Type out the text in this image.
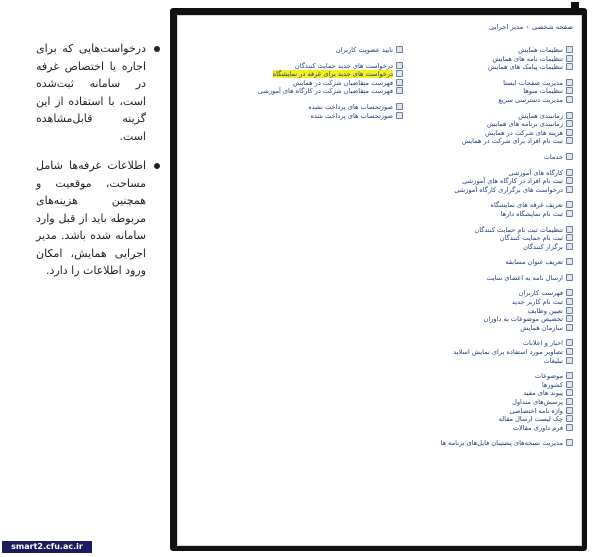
درخواست‌هایی که برای اجاره یا اختصاص غرفه در سامانه ثبت‌شده است، با استفاده از این گزینه قابل‌مشاهده است.
اطلاعات غرفه‌ها شامل مساحت، موقعیت و همچنین هزینه‌های مربوطه باید از قبل وارد سامانه شده باشد. مدیر اجرایی همایش، امکان ورود اطلاعات را دارد.
صفحه شخصی›مدیر اجرایی
تنظیمات همایش
تنظیمات نامه های همایش
تنظیمات پیامک های همایش
مدیریت صفحات ایستا
تنظیمات منوها
مدیریت دسترسی سریع
زمانبندی همایش
زمانبندی برنامه های همایش
هزینه های شرکت در همایش
ثبت نام افراد برای شرکت در همایش
خدمات
کارگاه های آموزشی
ثبت نام افراد در کارگاه های آموزشی
درخواست های برگزاری کارگاه آموزشی
تعریف غرفه های نمایشگاه
ثبت نام نمایشگاه دارها
تنظیمات ثبت نام حمایت کنندگان
ثبت نام حمایت کنندگان
برگزار کنندگان
تعریف عنوان مسابقه
ارسال نامه به اعضای سایت
فهرست کاربران
ثبت نام کاربر جدید
تعیین وظایف
تخصیص موضوعات به داوران
سازمان همایش
اخبار و اعلانات
تصاویر مورد استفاده برای نمایش اسلاید
تبلیغات
موضوعات
کشورها
پیوند های مفید
پرسش‌های متداول
واژه نامه اختصاصی
چک لیست ارسال مقاله
فرم داوری مقالات
مدیریت نسخه‌های پشتیبان فایل‌های برنامه ها
تایید عضویت کاربران
درخواست های جدید حمایت کنندگان
درخواست های جدید برای غرفه در نمایشگاه
فهرست متقاضیان شرکت در همایش
فهرست متقاضیان شرکت در کارگاه های آموزشی
صورتحساب های پرداخت نشده
صورتحساب های پرداخت شده
smart2.cfu.ac.ir
